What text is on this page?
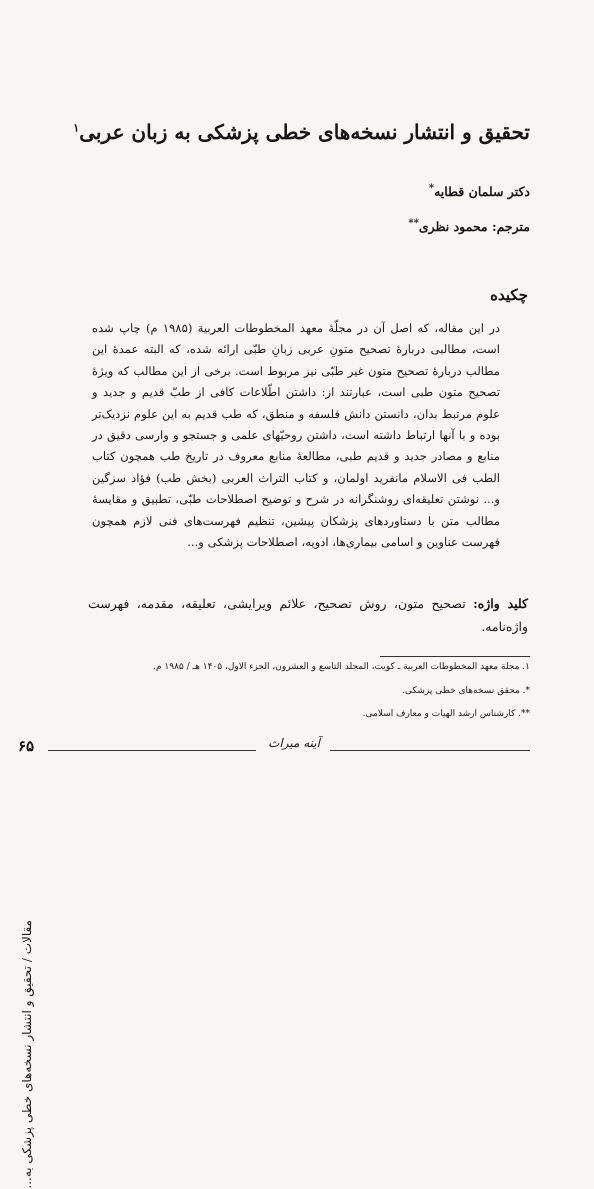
تحقیق و انتشار نسخه‌های خطی پزشکی به زبان عربی$^۱$
دکتر سلمان قطایه*
مترجم: محمود نظری**
چکیده
در این مقاله، که اصل آن در مجلّهٔ معهد المخطوطات العربیة (۱۹۸۵ م) چاپ شده است، مطالبی دربارهٔ تصحیح متونِ عربی زبانِ طبّی ارائه شده، که البته عمدهٔ این مطالب دربارهٔ تصحیح متون غیر طبّی نیز مربوط است. برخی از این مطالب که ویژهٔ تصحیح متون طبی است، عبارتند از: داشتن اطّلاعات کافی از طبّ قدیم و جدید و علوم مرتبط بدان، دانستن دانش فلسفه و منطق، که طب قدیم به این علوم نزدیک‌تر بوده و با آنها ارتباط داشته است، داشتن روحیّهای علمی و جستجو و وارسی دقیق در منابع و مصادر جدید و قدیم طبی، مطالعهٔ منابع معروف در تاریخ طب همچون کتاب الطب فی الاسلام مانفرید اولمان، و کتاب التراث العربی (بخش طب) فؤاد سزگین و... نوشتن تعلیقه‌ای روشنگرانه در شرح و توضیح اصطلاحات طبّی، تطبیق و مقایسهٔ مطالب متن با دستاوردهای پزشکان پیشین، تنظیم فهرست‌های فنی لازم همچون فهرست عناوین و اسامی بیماری‌ها، ادویه، اصطلاحات پزشکی و...
کلید واژه: تصحیح متون، روش تصحیح، علائم ویرایشی، تعلیقه، مقدمه، فهرست واژه‌نامه.
۱. مجلة معهد المخطوطات العربية ـ کویت، المجلد التاسع و العشرون، الجزء الاول، ۱۴۰۵ هـ / ۱۹۸۵ م.
*. محقق نسخه‌های خطی پزشکی.
**. کارشناس ارشد الهیات و معارف اسلامی.
مقالات / تحقیق و انتشار نسخه‌های خطی پزشکی به...
۶۵	آینه میراث
